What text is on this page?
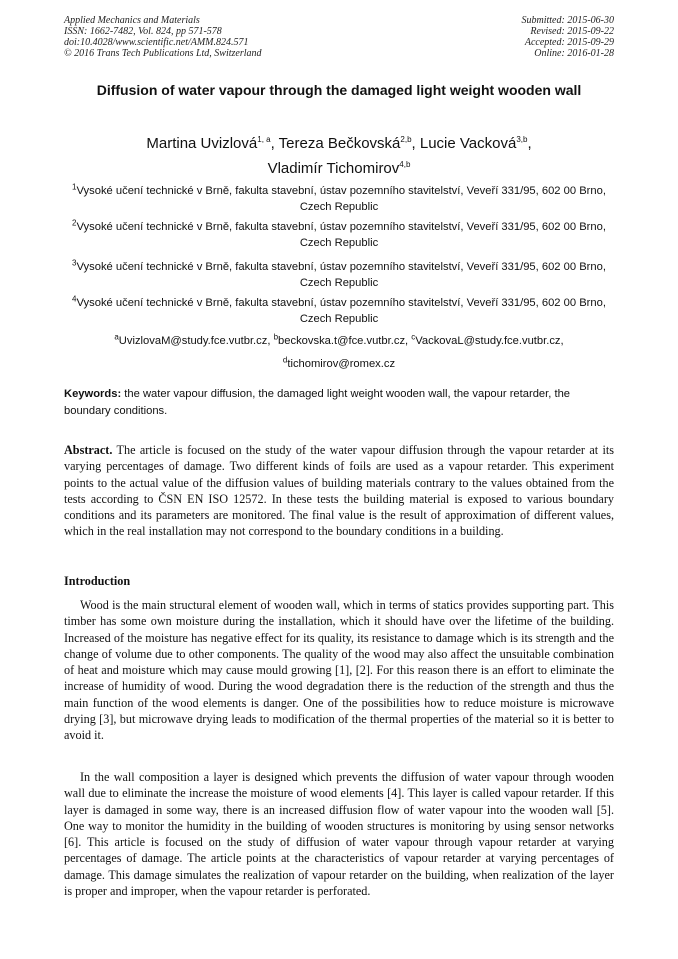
Applied Mechanics and Materials
ISSN: 1662-7482, Vol. 824, pp 571-578
doi:10.4028/www.scientific.net/AMM.824.571
© 2016 Trans Tech Publications Ltd, Switzerland
Submitted: 2015-06-30
Revised: 2015-09-22
Accepted: 2015-09-29
Online: 2016-01-28
Diffusion of water vapour through the damaged light weight wooden wall
Martina Uvizlová$^{1, a}$, Tereza Bečkovská$^{2,b}$, Lucie Vacková$^{3,b}$,
Vladimír Tichomirov$^{4,b}$
$^1$Vysoké učení technické v Brně, fakulta stavební, ústav pozemního stavitelství, Veveří 331/95, 602 00 Brno, Czech Republic
$^2$Vysoké učení technické v Brně, fakulta stavební, ústav pozemního stavitelství, Veveří 331/95, 602 00 Brno, Czech Republic
$^3$Vysoké učení technické v Brně, fakulta stavební, ústav pozemního stavitelství, Veveří 331/95, 602 00 Brno, Czech Republic
$^4$Vysoké učení technické v Brně, fakulta stavební, ústav pozemního stavitelství, Veveří 331/95, 602 00 Brno, Czech Republic
$^a$UvizlovaM@study.fce.vutbr.cz, $^b$beckovska.t@fce.vutbr.cz, $^c$VackovaL@study.fce.vutbr.cz,
$^d$tichomirov@romex.cz
Keywords: the water vapour diffusion, the damaged light weight wooden wall, the vapour retarder, the boundary conditions.
Abstract. The article is focused on the study of the water vapour diffusion through the vapour retarder at its varying percentages of damage. Two different kinds of foils are used as a vapour retarder. This experiment points to the actual value of the diffusion values of building materials contrary to the values obtained from the tests according to ČSN EN ISO 12572. In these tests the building material is exposed to various boundary conditions and its parameters are monitored. The final value is the result of approximation of different values, which in the real installation may not correspond to the boundary conditions in a building.
Introduction
Wood is the main structural element of wooden wall, which in terms of statics provides supporting part. This timber has some own moisture during the installation, which it should have over the lifetime of the building. Increased of the moisture has negative effect for its quality, its resistance to damage which is its strength and the change of volume due to other components. The quality of the wood may also affect the unsuitable combination of heat and moisture which may cause mould growing [1], [2]. For this reason there is an effort to eliminate the increase of humidity of wood. During the wood degradation there is the reduction of the strength and thus the main function of the wood elements is danger. One of the possibilities how to reduce moisture is microwave drying [3], but microwave drying leads to modification of the thermal properties of the material so it is better to avoid it.
In the wall composition a layer is designed which prevents the diffusion of water vapour through wooden wall due to eliminate the increase the moisture of wood elements [4]. This layer is called vapour retarder. If this layer is damaged in some way, there is an increased diffusion flow of water vapour into the wooden wall [5]. One way to monitor the humidity in the building of wooden structures is monitoring by using sensor networks [6]. This article is focused on the study of diffusion of water vapour through vapour retarder at varying percentages of damage. The article points at the characteristics of vapour retarder at varying percentages of damage. This damage simulates the realization of vapour retarder on the building, when realization of the layer is proper and improper, when the vapour retarder is perforated.
